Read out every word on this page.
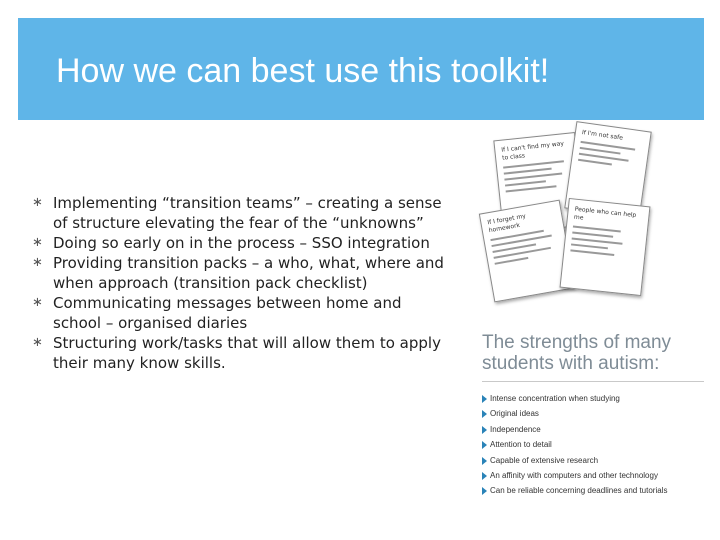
How we can best use this toolkit!
∗ Implementing “transition teams” – creating a sense of structure elevating the fear of the “unknowns”
∗ Doing so early on in the process – SSO integration
∗ Providing transition packs – a who, what, where and when approach (transition pack checklist)
∗ Communicating messages between home and school – organised diaries
∗ Structuring work/tasks that will allow them to apply their many know skills.
If I can't find my way to class
If I'm not safe
If I forget my homework
People who can help me
The strengths of many students with autism:
Intense concentration when studying
Original ideas
Independence
Attention to detail
Capable of extensive research
An affinity with computers and other technology
Can be reliable concerning deadlines and tutorials
